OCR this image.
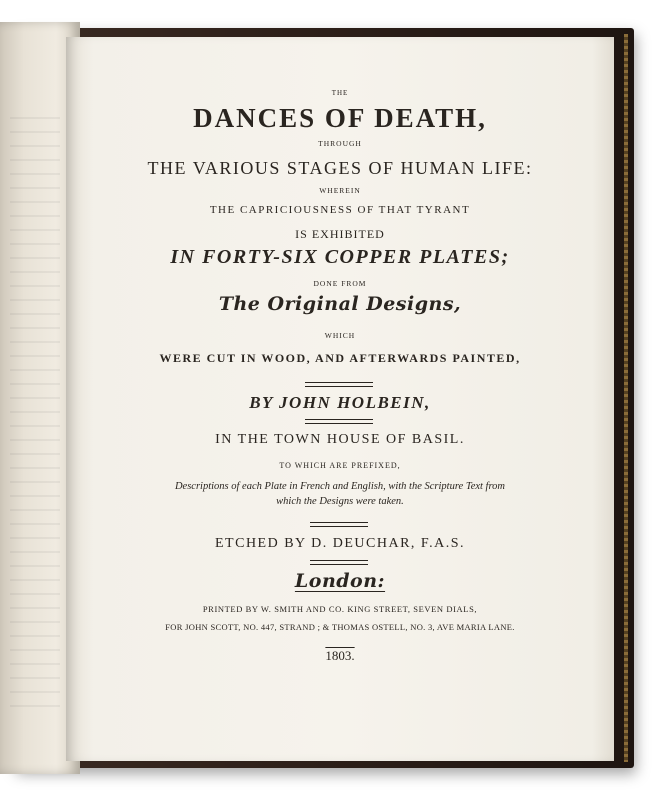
THE
DANCES OF DEATH,
THROUGH
THE VARIOUS STAGES OF HUMAN LIFE:
WHEREIN
THE CAPRICIOUSNESS OF THAT TYRANT
IS EXHIBITED
IN FORTY-SIX COPPER PLATES;
DONE FROM
The Original Designs,
WHICH
WERE CUT IN WOOD, AND AFTERWARDS PAINTED,
BY JOHN HOLBEIN,
IN THE TOWN HOUSE OF BASIL.
TO WHICH ARE PREFIXED,
Descriptions of each Plate in French and English, with the Scripture Text from
which the Designs were taken.
ETCHED BY D. DEUCHAR, F.A.S.
London:
PRINTED BY W. SMITH AND CO. KING STREET, SEVEN DIALS,
FOR JOHN SCOTT, NO. 447, STRAND ; & THOMAS OSTELL, NO. 3, AVE MARIA LANE.
1803.
